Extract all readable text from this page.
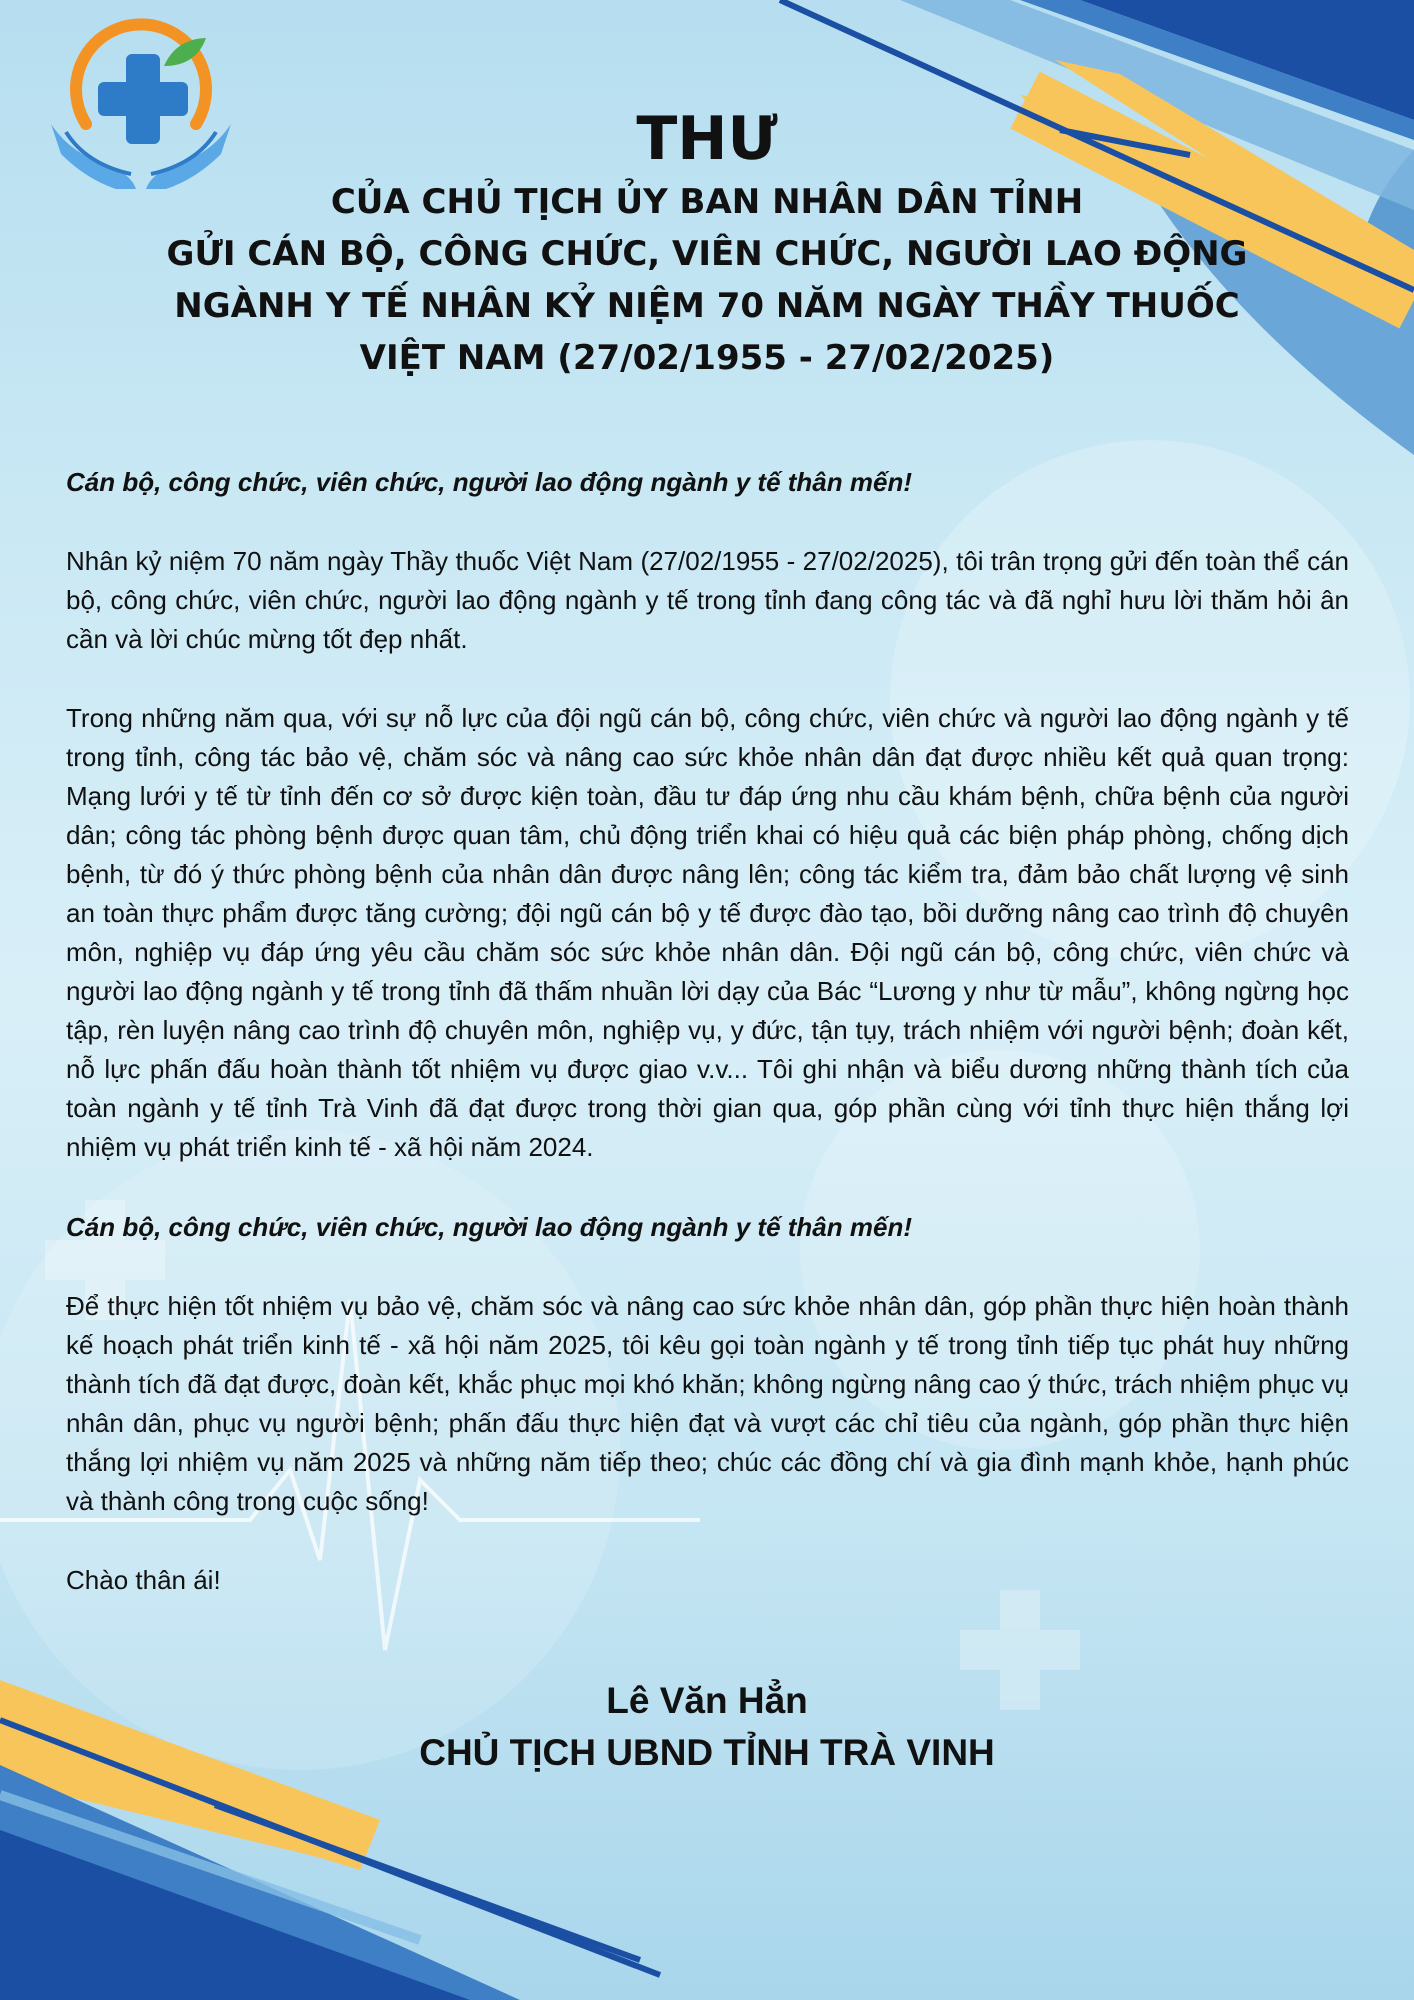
THƯ

CỦA CHỦ TỊCH ỦY BAN NHÂN DÂN TỈNH

GỬI CÁN BỘ, CÔNG CHỨC, VIÊN CHỨC, NGƯỜI LAO ĐỘNG

NGÀNH Y TẾ NHÂN KỶ NIỆM 70 NĂM NGÀY THẦY THUỐC

VIỆT NAM (27/02/1955 - 27/02/2025)

Cán bộ, công chức, viên chức, người lao động ngành y tế thân mến!

Nhân kỷ niệm 70 năm ngày Thầy thuốc Việt Nam (27/02/1955 - 27/02/2025), tôi trân trọng gửi đến toàn thể cán bộ, công chức, viên chức, người lao động ngành y tế trong tỉnh đang công tác và đã nghỉ hưu lời thăm hỏi ân cần và lời chúc mừng tốt đẹp nhất.

Trong những năm qua, với sự nỗ lực của đội ngũ cán bộ, công chức, viên chức và người lao động ngành y tế trong tỉnh, công tác bảo vệ, chăm sóc và nâng cao sức khỏe nhân dân đạt được nhiều kết quả quan trọng: Mạng lưới y tế từ tỉnh đến cơ sở được kiện toàn, đầu tư đáp ứng nhu cầu khám bệnh, chữa bệnh của người dân; công tác phòng bệnh được quan tâm, chủ động triển khai có hiệu quả các biện pháp phòng, chống dịch bệnh, từ đó ý thức phòng bệnh của nhân dân được nâng lên; công tác kiểm tra, đảm bảo chất lượng vệ sinh an toàn thực phẩm được tăng cường; đội ngũ cán bộ y tế được đào tạo, bồi dưỡng nâng cao trình độ chuyên môn, nghiệp vụ đáp ứng yêu cầu chăm sóc sức khỏe nhân dân. Đội ngũ cán bộ, công chức, viên chức và người lao động ngành y tế trong tỉnh đã thấm nhuần lời dạy của Bác “Lương y như từ mẫu”, không ngừng học tập, rèn luyện nâng cao trình độ chuyên môn, nghiệp vụ, y đức, tận tụy, trách nhiệm với người bệnh; đoàn kết, nỗ lực phấn đấu hoàn thành tốt nhiệm vụ được giao v.v... Tôi ghi nhận và biểu dương những thành tích của toàn ngành y tế tỉnh Trà Vinh đã đạt được trong thời gian qua, góp phần cùng với tỉnh thực hiện thắng lợi nhiệm vụ phát triển kinh tế - xã hội năm 2024.

Cán bộ, công chức, viên chức, người lao động ngành y tế thân mến!

Để thực hiện tốt nhiệm vụ bảo vệ, chăm sóc và nâng cao sức khỏe nhân dân, góp phần thực hiện hoàn thành kế hoạch phát triển kinh tế - xã hội năm 2025, tôi kêu gọi toàn ngành y tế trong tỉnh tiếp tục phát huy những thành tích đã đạt được, đoàn kết, khắc phục mọi khó khăn; không ngừng nâng cao ý thức, trách nhiệm phục vụ nhân dân, phục vụ người bệnh; phấn đấu thực hiện đạt và vượt các chỉ tiêu của ngành, góp phần thực hiện thắng lợi nhiệm vụ năm 2025 và những năm tiếp theo; chúc các đồng chí và gia đình mạnh khỏe, hạnh phúc và thành công trong cuộc sống!

Chào thân ái!

Lê Văn Hẳn

CHỦ TỊCH UBND TỈNH TRÀ VINH
